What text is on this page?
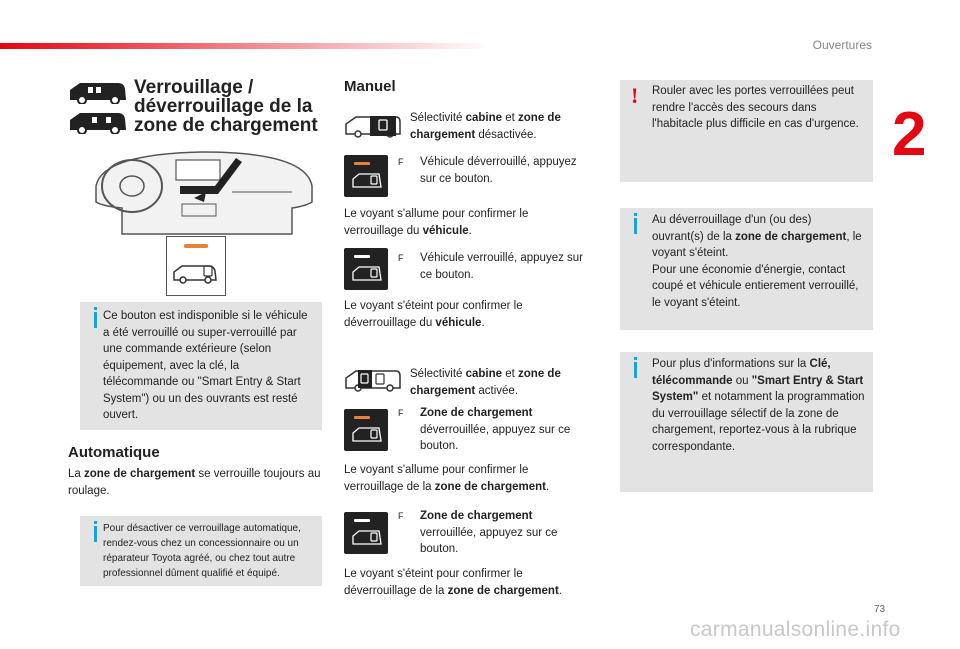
Ouvertures
2
73
carmanualsonline.info
Verrouillage /
déverrouillage de la
zone de chargement
Ce bouton est indisponible si le véhicule a été verrouillé ou super-verrouillé par une commande extérieure (selon équipement, avec la clé, la télécommande ou "Smart Entry & Start System") ou un des ouvrants est resté ouvert.
Automatique
La zone de chargement se verrouille toujours au roulage.
Pour désactiver ce verrouillage automatique, rendez-vous chez un concessionnaire ou un réparateur Toyota agréé, ou chez tout autre professionnel dûment qualifié et équipé.
Manuel
Sélectivité cabine et zone de chargement désactivée.
F Véhicule déverrouillé, appuyez sur ce bouton.
Le voyant s'allume pour confirmer le verrouillage du véhicule.
F Véhicule verrouillé, appuyez sur ce bouton.
Le voyant s'éteint pour confirmer le déverrouillage du véhicule.
Sélectivité cabine et zone de chargement activée.
F Zone de chargement déverrouillée, appuyez sur ce bouton.
Le voyant s'allume pour confirmer le verrouillage de la zone de chargement.
F Zone de chargement verrouillée, appuyez sur ce bouton.
Le voyant s'éteint pour confirmer le déverrouillage de la zone de chargement.
! Rouler avec les portes verrouillées peut rendre l'accès des secours dans l'habitacle plus difficile en cas d'urgence.
Au déverrouillage d'un (ou des) ouvrant(s) de la zone de chargement, le voyant s'éteint.
Pour une économie d'énergie, contact coupé et véhicule entierement verrouillé, le voyant s'éteint.
Pour plus d'informations sur la Clé, télécommande ou "Smart Entry & Start System" et notamment la programmation du verrouillage sélectif de la zone de chargement, reportez-vous à la rubrique correspondante.
